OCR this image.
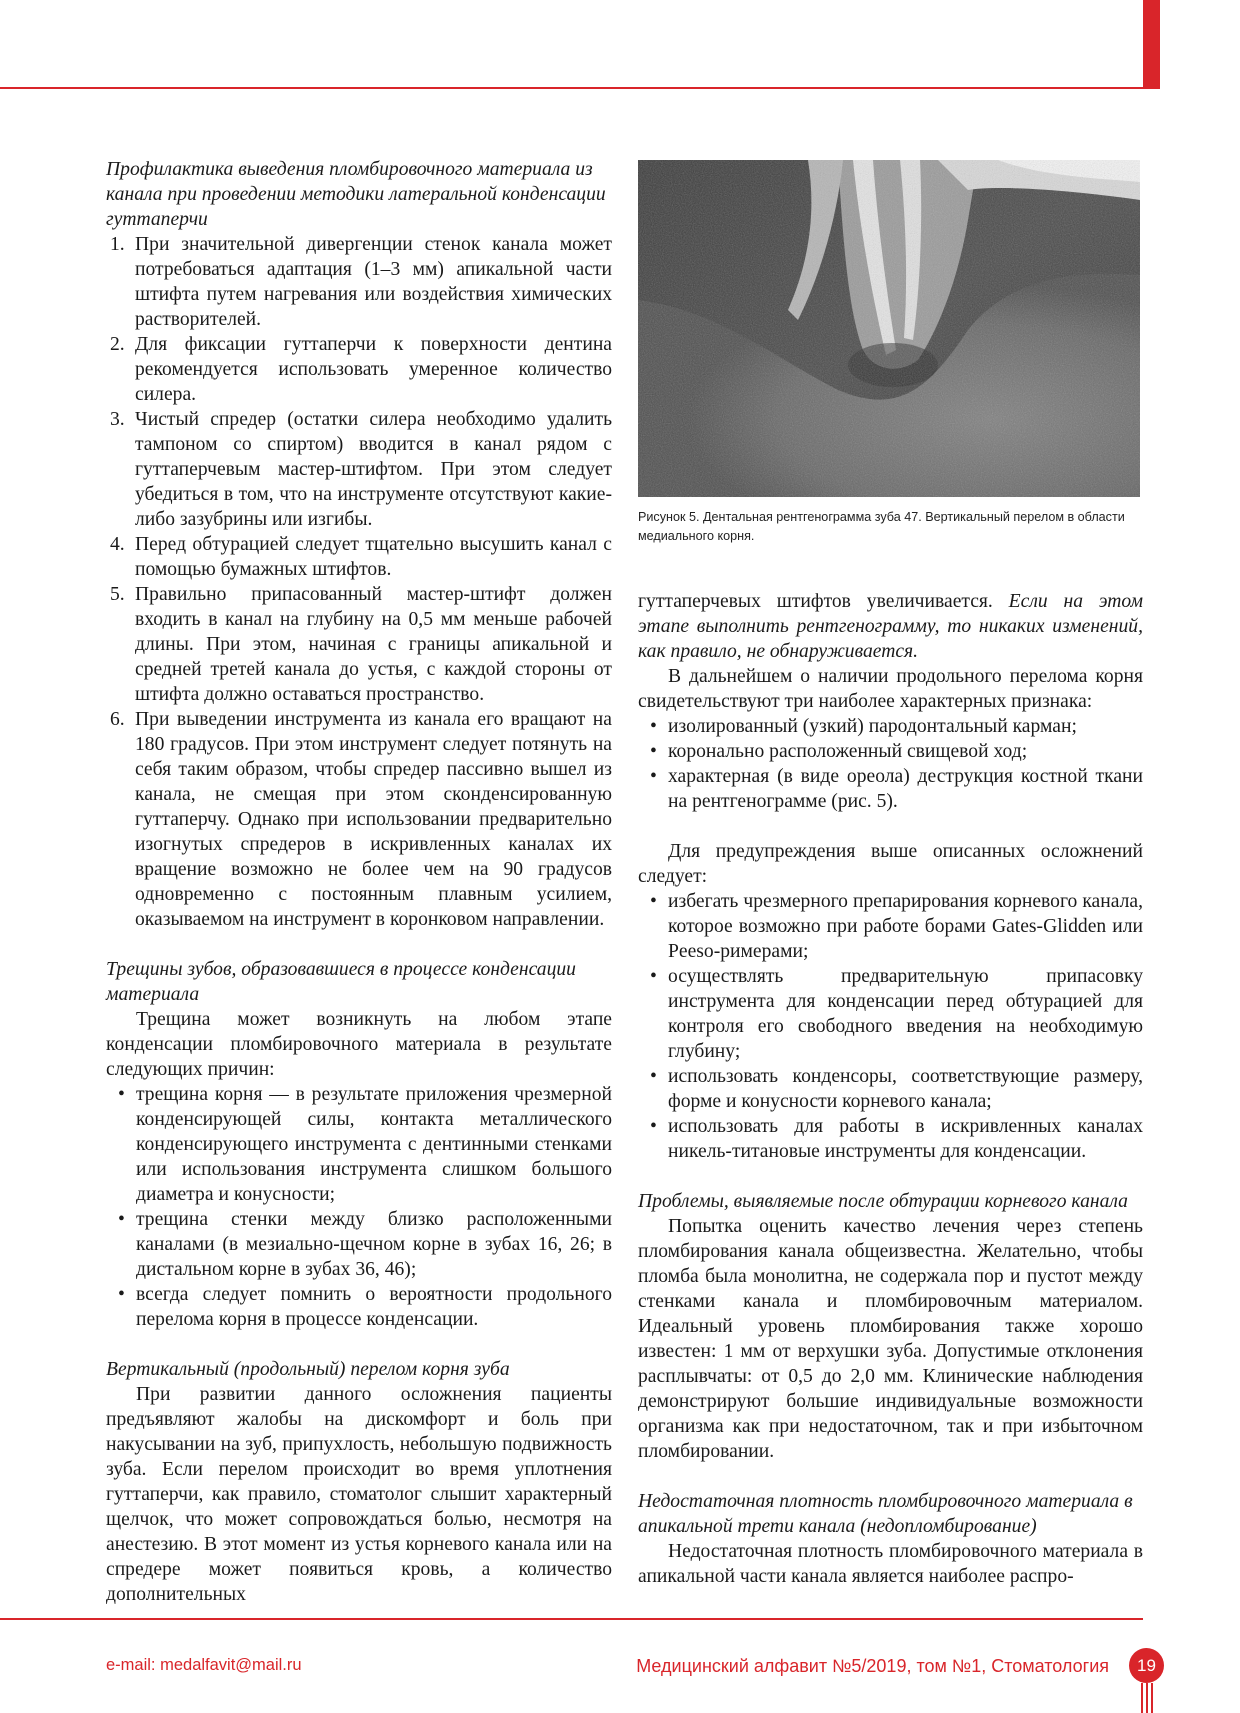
Профилактика выведения пломбировочного материала из канала при проведении методики латеральной конденсации гуттаперчи
1. При значительной дивергенции стенок канала может потребоваться адаптация (1–3 мм) апикальной части штифта путем нагревания или воздействия химических растворителей.
2. Для фиксации гуттаперчи к поверхности дентина рекомендуется использовать умеренное количество силера.
3. Чистый спредер (остатки силера необходимо удалить тампоном со спиртом) вводится в канал рядом с гуттаперчевым мастер-штифтом. При этом следует убедиться в том, что на инструменте отсутствуют какие-либо зазубрины или изгибы.
4. Перед обтурацией следует тщательно высушить канал с помощью бумажных штифтов.
5. Правильно припасованный мастер-штифт должен входить в канал на глубину на 0,5 мм меньше рабочей длины. При этом, начиная с границы апикальной и средней третей канала до устья, с каждой стороны от штифта должно оставаться пространство.
6. При выведении инструмента из канала его вращают на 180 градусов. При этом инструмент следует потянуть на себя таким образом, чтобы спредер пассивно вышел из канала, не смещая при этом сконденсированную гуттаперчу. Однако при использовании предварительно изогнутых спредеров в искривленных каналах их вращение возможно не более чем на 90 градусов одновременно с постоянным плавным усилием, оказываемом на инструмент в коронковом направлении.
Трещины зубов, образовавшиеся в процессе конденсации материала
Трещина может возникнуть на любом этапе конденсации пломбировочного материала в результате следующих причин:
• трещина корня — в результате приложения чрезмерной конденсирующей силы, контакта металлического конденсирующего инструмента с дентинными стенками или использования инструмента слишком большого диаметра и конусности;
• трещина стенки между близко расположенными каналами (в мезиально-щечном корне в зубах 16, 26; в дистальном корне в зубах 36, 46);
• всегда следует помнить о вероятности продольного перелома корня в процессе конденсации.
Вертикальный (продольный) перелом корня зуба
При развитии данного осложнения пациенты предъявляют жалобы на дискомфорт и боль при накусывании на зуб, припухлость, небольшую подвижность зуба. Если перелом происходит во время уплотнения гуттаперчи, как правило, стоматолог слышит характерный щелчок, что может сопровождаться болью, несмотря на анестезию. В этот момент из устья корневого канала или на спредере может появиться кровь, а количество дополнительных
Рисунок 5. Дентальная рентгенограмма зуба 47. Вертикальный перелом в области медиального корня.
гуттаперчевых штифтов увеличивается. Если на этом этапе выполнить рентгенограмму, то никаких изменений, как правило, не обнаруживается.
В дальнейшем о наличии продольного перелома корня свидетельствуют три наиболее характерных признака:
• изолированный (узкий) пародонтальный карман;
• коронально расположенный свищевой ход;
• характерная (в виде ореола) деструкция костной ткани на рентгенограмме (рис. 5).
Для предупреждения выше описанных осложнений следует:
• избегать чрезмерного препарирования корневого канала, которое возможно при работе борами Gates-Glidden или Peeso-римерами;
• осуществлять предварительную припасовку инструмента для конденсации перед обтурацией для контроля его свободного введения на необходимую глубину;
• использовать конденсоры, соответствующие размеру, форме и конусности корневого канала;
• использовать для работы в искривленных каналах никель-титановые инструменты для конденсации.
Проблемы, выявляемые после обтурации корневого канала
Попытка оценить качество лечения через степень пломбирования канала общеизвестна. Желательно, чтобы пломба была монолитна, не содержала пор и пустот между стенками канала и пломбировочным материалом. Идеальный уровень пломбирования также хорошо известен: 1 мм от верхушки зуба. Допустимые отклонения расплывчаты: от 0,5 до 2,0 мм. Клинические наблюдения демонстрируют большие индивидуальные возможности организма как при недостаточном, так и при избыточном пломбировании.
Недостаточная плотность пломбировочного материала в апикальной трети канала (недопломбирование)
Недостаточная плотность пломбировочного материала в апикальной части канала является наиболее распро-
e-mail: medalfavit@mail.ru	Медицинский алфавит №5/2019, том №1, Стоматология	19
